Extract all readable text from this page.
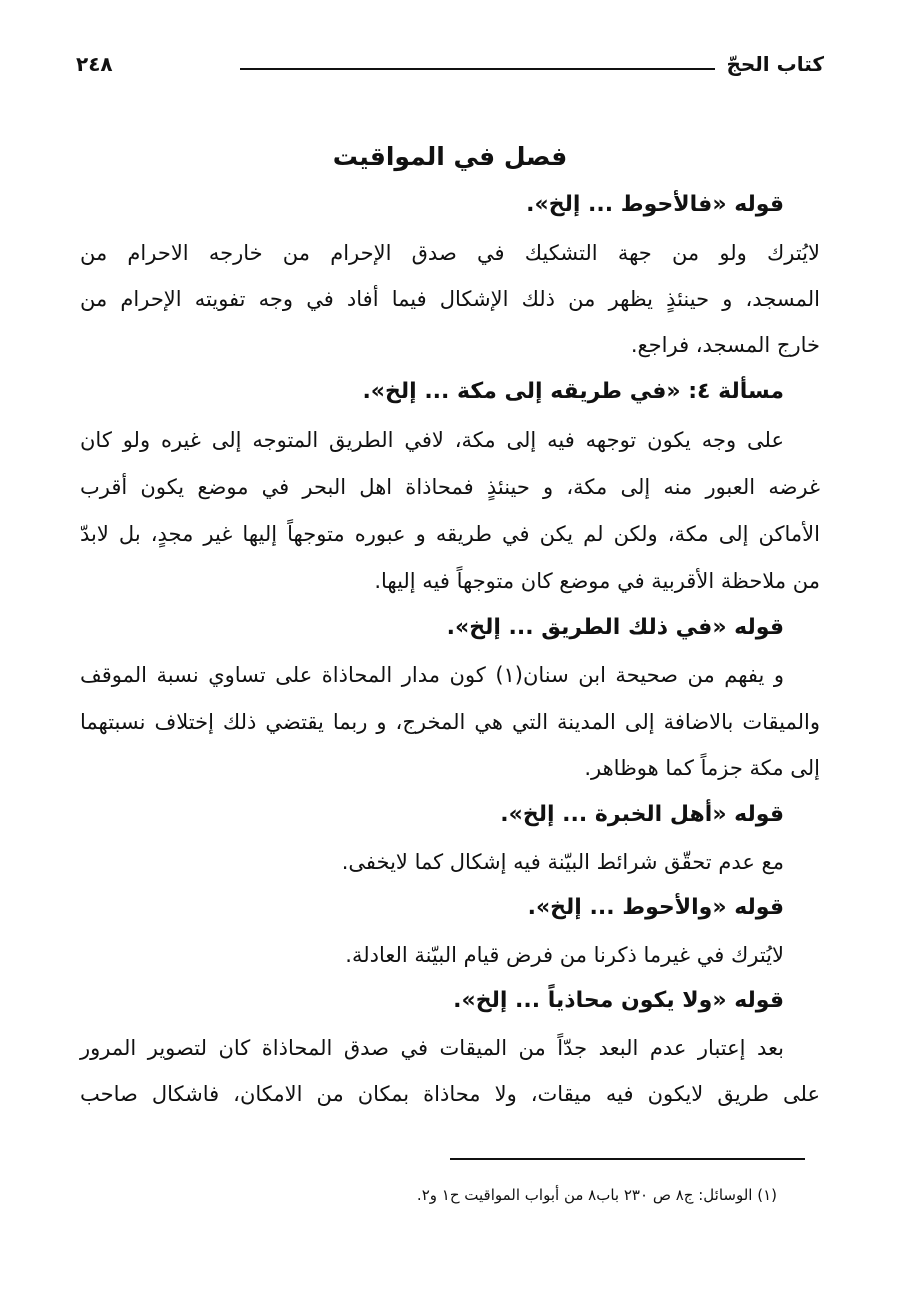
٢٤٨	كتاب الحجّ
فصل في المواقيت
قوله «فالأحوط ... إلخ».
لايُترك ولو من جهة التشكيك في صدق الإحرام من خارجه الاحرام من
المسجد، و حينئذٍ يظهر من ذلك الإشكال فيما أفاد في وجه تفويته الإحرام من
خارج المسجد، فراجع.
مسألة ٤: «في طريقه إلى مكة ... إلخ».
على وجه يكون توجهه فيه إلى مكة، لافي الطريق المتوجه إلى غيره ولو كان
غرضه العبور منه إلى مكة، و حينئذٍ فمحاذاة اهل البحر في موضع يكون أقرب
الأماكن إلى مكة، ولكن لم يكن في طريقه و عبوره متوجهاً إليها غير مجدٍ، بل لابدّ
من ملاحظة الأقربية في موضع كان متوجهاً فيه إليها.
قوله «في ذلك الطريق ... إلخ».
و يفهم من صحيحة ابن سنان(١) كون مدار المحاذاة على تساوي نسبة الموقف
والميقات بالاضافة إلى المدينة التي هي المخرج، و ربما يقتضي ذلك إختلاف نسبتهما
إلى مكة جزماً كما هوظاهر.
قوله «أهل الخبرة ... إلخ».
مع عدم تحقّق شرائط البيّنة فيه إشكال كما لايخفى.
قوله «والأحوط ... إلخ».
لايُترك في غيرما ذكرنا من فرض قيام البيّنة العادلة.
قوله «ولا يكون محاذياً ... إلخ».
بعد إعتبار عدم البعد جدّاً من الميقات في صدق المحاذاة كان لتصوير المرور
على طريق لايكون فيه ميقات، ولا محاذاة بمكان من الامكان، فاشكال صاحب
(١) الوسائل: ج٨ ص ٢٣٠ باب٨ من أبواب المواقيت ح١ و٢.
